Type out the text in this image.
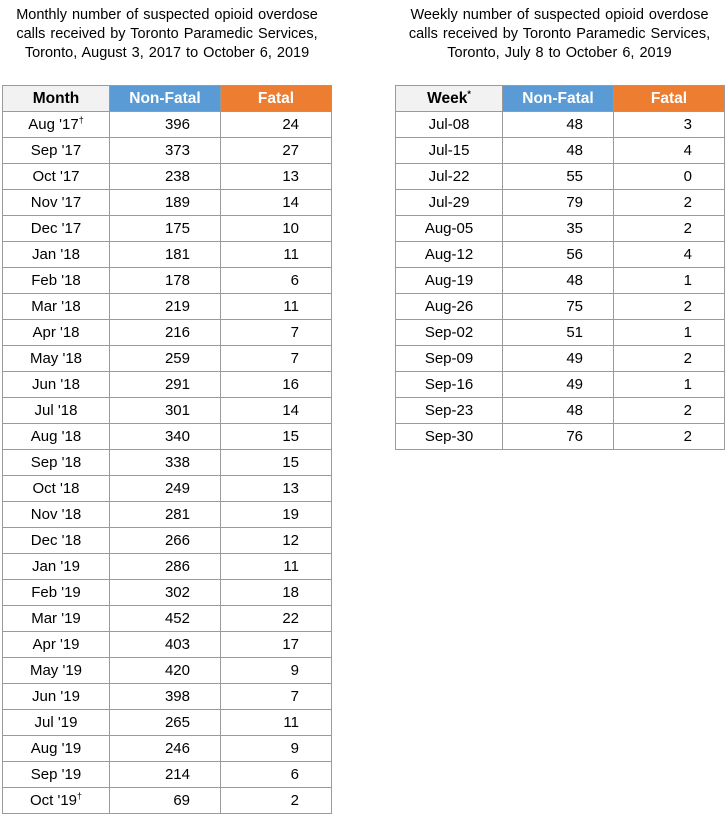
Monthly number of suspected opioid overdose
calls received by Toronto Paramedic Services,
Toronto, August 3, 2017 to October 6, 2019
Weekly number of suspected opioid overdose
calls received by Toronto Paramedic Services,
Toronto, July 8 to October 6, 2019
Month	Non-Fatal	Fatal
Aug '17†	396	24
Sep '17	373	27
Oct '17	238	13
Nov '17	189	14
Dec '17	175	10
Jan '18	181	11
Feb '18	178	6
Mar '18	219	11
Apr '18	216	7
May '18	259	7
Jun '18	291	16
Jul '18	301	14
Aug '18	340	15
Sep '18	338	15
Oct '18	249	13
Nov '18	281	19
Dec '18	266	12
Jan '19	286	11
Feb '19	302	18
Mar '19	452	22
Apr '19	403	17
May '19	420	9
Jun '19	398	7
Jul '19	265	11
Aug '19	246	9
Sep '19	214	6
Oct '19†	69	2
Week*	Non-Fatal	Fatal
Jul-08	48	3
Jul-15	48	4
Jul-22	55	0
Jul-29	79	2
Aug-05	35	2
Aug-12	56	4
Aug-19	48	1
Aug-26	75	2
Sep-02	51	1
Sep-09	49	2
Sep-16	49	1
Sep-23	48	2
Sep-30	76	2
